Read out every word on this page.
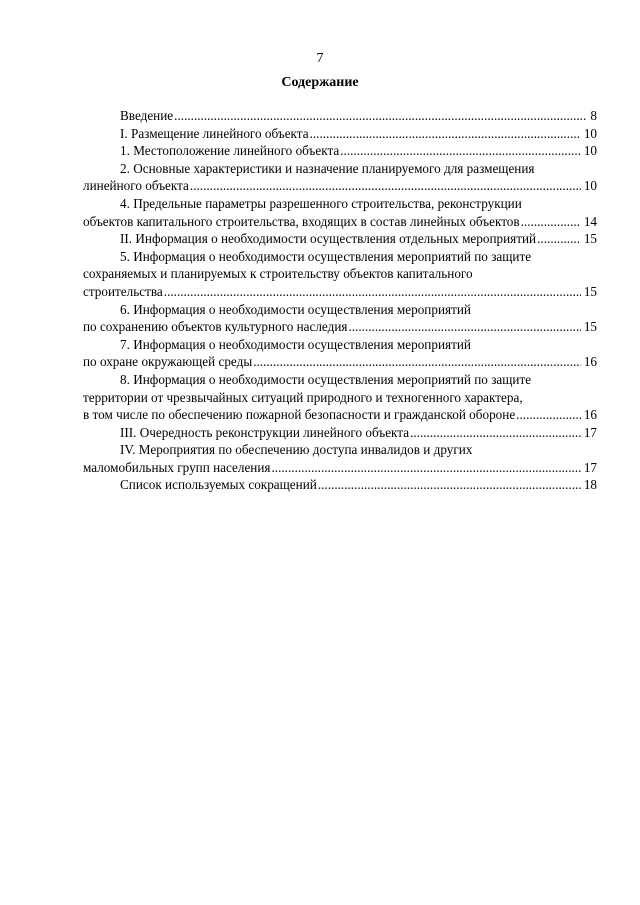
7
Содержание
Введение .....	8
I. Размещение линейного объекта .....	10
1. Местоположение линейного объекта .....	10
2. Основные характеристики и назначение планируемого для размещения
линейного объекта .....	10
4. Предельные параметры разрешенного строительства, реконструкции
объектов капитального строительства, входящих в состав линейных объектов .....	14
II. Информация о необходимости осуществления отдельных мероприятий .....	15
5. Информация о необходимости осуществления мероприятий по защите
сохраняемых и планируемых к строительству объектов капитального
строительства .....	15
6. Информация о необходимости осуществления мероприятий
по сохранению объектов культурного наследия .....	15
7. Информация о необходимости осуществления мероприятий
по охране окружающей среды .....	16
8. Информация о необходимости осуществления мероприятий по защите
территории от чрезвычайных ситуаций природного и техногенного характера,
в том числе по обеспечению пожарной безопасности и гражданской обороне .....	16
III. Очередность реконструкции линейного объекта .....	17
IV. Мероприятия по обеспечению доступа инвалидов и других
маломобильных групп населения .....	17
Список используемых сокращений .....	18
